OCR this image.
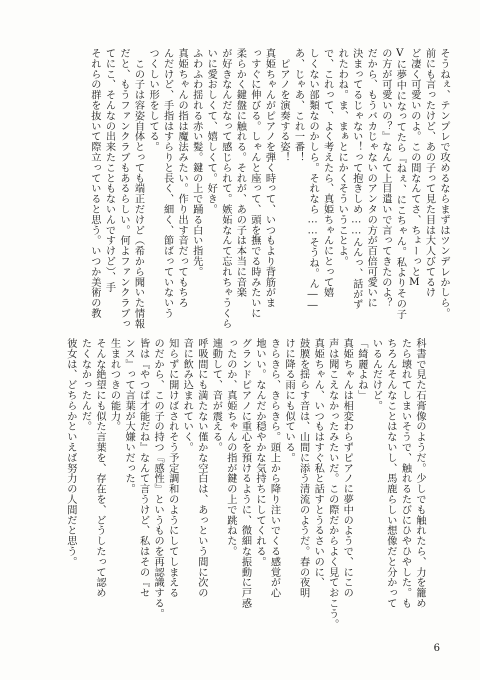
そうねぇ、テンプレで攻めるならまずはツンデレかしら。

前にも言ったけど、あの子って見た目は大人びてるけ

ど凄く可愛いのよ。この間なんてさ、ちょーっとM

Vに夢中になってたら『ねぇ、にこちゃん。私よりその子

の方が可愛いの？』なんて上目遣いで言ってきたのよ？

だから、もうバカじゃないのアンタの方が百倍可愛いに

決まってるじゃない！って抱きしめ……んんっ、話がず

れたわね。ま、まぁとにかくそういうことよ。

で、これって、よく考えたら、真姫ちゃんにとって嬉

しくない部類なのかしら。それなら……そうね。ん――

あ、じゃあ、これ一番！

　ピアノを演奏する姿！

真姫ちゃんがピアノを弾く時って、いつもより背筋がま

っすぐに伸びる。しゃんと座って、頭を撫でる時みたいに

柔らかく鍵盤に触れる。それが、あの子は本当に音楽

が好きなんだなって感じられて。嫉妬なんて忘れちゃうくら

いに愛おしくて、嬉しくて。好き。

ふわふわ揺れる赤い髪。鍵の上で踊る白い指先。

真姫ちゃんの指は魔法みたい。作り出す音だってもちろ

んだけど、手指はすらりと長く、細く、節ばっていないう

つくしい形をしてる。

　この子は容姿自体とっても端正だけど（希から聞いた情報

だと、もうファンクラブもあるらしい。何よファンクラブっ

てにこ、そんなの出来たこともないんですけど）、手

それらの群を抜いて際立っていると思う。いつか美術の教

科書で見た石膏像のようだ。少しでも触れたら、力を籠め

たら壊れてしまいそうで、触れるたびにひやひやした。も

ちろんそんなことはないし、馬鹿らしい想像だと分かって

いるんだけど。

「綺麗よね」

真姫ちゃんは相変わらずピアノに夢中のようで、にこの

声は聞こえなかったみたいだ。この際だからよく見ておこう。

真姫ちゃん、いつもはすぐ私と話すとうるさいのに、

鼓膜を揺らす音は、山間に添う清流のようだ。春の夜明

けに降る雨にも似ている。

きらきら、きらきら。頭上から降り注いでくる感覚が心

地いい。なんだか穏やかな気持ちにしてくれる。

グランドピアノに重心を預けるように、微細な振動に戸惑

ったのか、真姫ちゃんの指が鍵の上で跳ねた。

連動して、音が震える。

呼吸間にも満たない僅かな空白は、あっという間に次の

音に飲み込まれていく。

知らずに開けばされそう予定調和のようにしてしまえる

のだから、この子の持つ『感性』というものを再認識する。

皆は『やつぱ才能だね』なんて言うけど、私はその『セ

ンス』って言葉が大嫌いだった。

生まれつきの能力。

そんな絶望にも似た言葉を、存在を、どうしたって認め

たくなかったんだ。

彼女は、どちらかといえば努力の人間だと思う。

6
